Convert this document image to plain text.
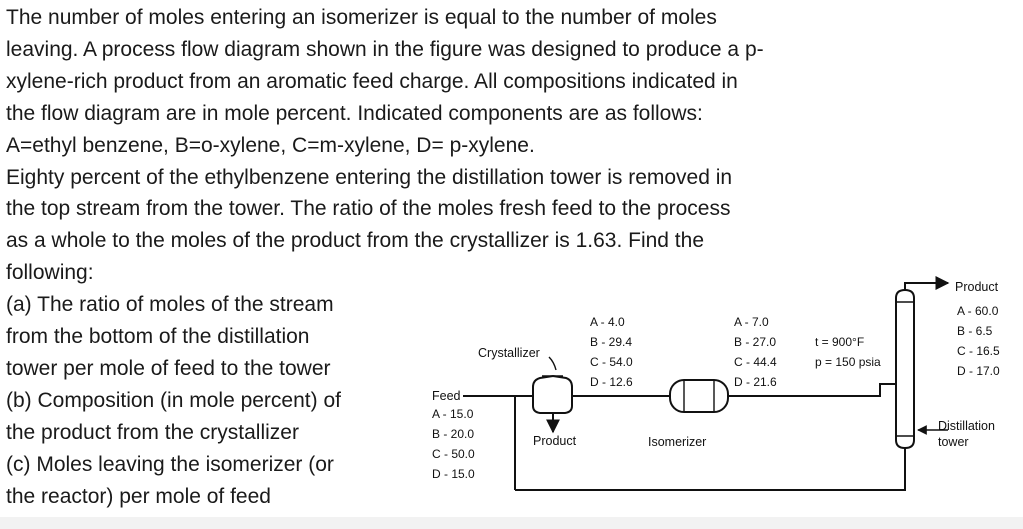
The number of moles entering an isomerizer is equal to the number of moles
leaving. A process flow diagram shown in the figure was designed to produce a p-
xylene-rich product from an aromatic feed charge. All compositions indicated in
the flow diagram are in mole percent. Indicated components are as follows:
A=ethyl benzene, B=o-xylene, C=m-xylene, D= p-xylene.
Eighty percent of the ethylbenzene entering the distillation tower is removed in
the top stream from the tower. The ratio of the moles fresh feed to the process
as a whole to the moles of the product from the crystallizer is 1.63. Find the
following:
(a) The ratio of moles of the stream
from the bottom of the distillation
tower per mole of feed to the tower
(b) Composition (in mole percent) of
the product from the crystallizer
(c) Moles leaving the isomerizer (or
the reactor) per mole of feed
Crystallizer
Isomerizer
Product
Product
Distillation
tower
Feed
A - 15.0
B - 20.0
C - 50.0
D - 15.0
A - 4.0
B - 29.4
C - 54.0
D - 12.6
A - 7.0
B - 27.0
C - 44.4
D - 21.6
t = 900°F
p = 150 psia
A - 60.0
B - 6.5
C - 16.5
D - 17.0
